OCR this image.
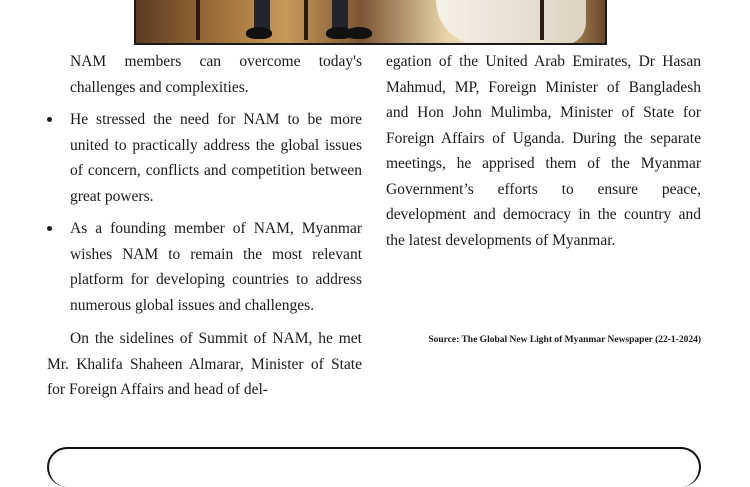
NAM members can overcome today's challenges and complexities.

He stressed the need for NAM to be more united to practically address the global issues of concern, conflicts and competition between great powers.

As a founding member of NAM, Myanmar wishes NAM to remain the most relevant platform for developing countries to address numerous global issues and challenges.

On the sidelines of Summit of NAM, he met Mr. Khalifa Shaheen Almarar, Minister of State for Foreign Affairs and head of del-

egation of the United Arab Emirates, Dr Hasan Mahmud, MP, Foreign Minister of Bangladesh and Hon John Mulimba, Minister of State for Foreign Affairs of Uganda. During the separate meetings, he apprised them of the Myanmar Government’s efforts to ensure peace, development and democracy in the country and the latest developments of Myanmar.

Source: The Global New Light of Myanmar Newspaper (22-1-2024)
